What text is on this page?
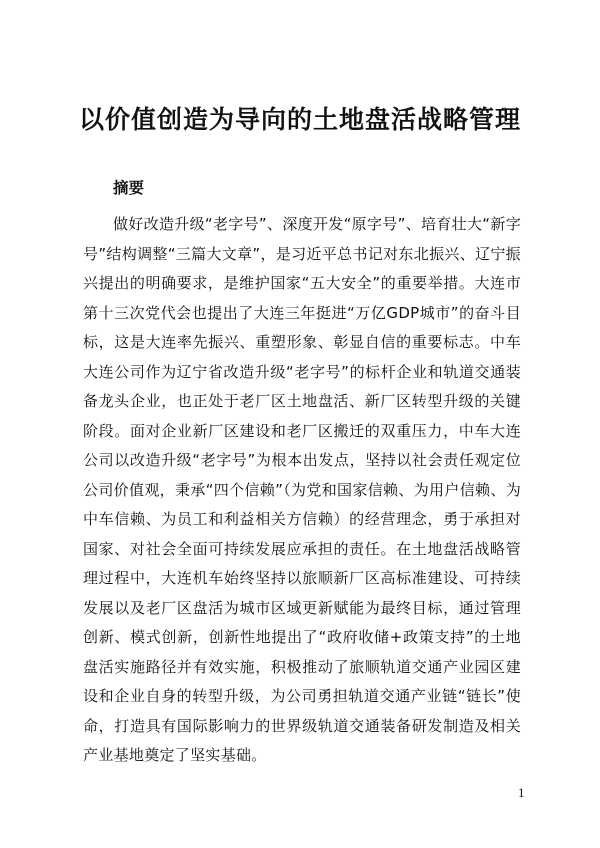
以价值创造为导向的土地盘活战略管理
摘要

做好改造升级“老字号”、深度开发“原字号”、培育壮大“新字号”结构调整“三篇大文章”，是习近平总书记对东北振兴、辽宁振兴提出的明确要求，是维护国家“五大安全”的重要举措。大连市第十三次党代会也提出了大连三年挺进“万亿GDP城市”的奋斗目标，这是大连率先振兴、重塑形象、彰显自信的重要标志。中车大连公司作为辽宁省改造升级“老字号”的标杆企业和轨道交通装备龙头企业，也正处于老厂区土地盘活、新厂区转型升级的关键阶段。面对企业新厂区建设和老厂区搬迁的双重压力，中车大连公司以改造升级“老字号”为根本出发点，坚持以社会责任观定位公司价值观，秉承“四个信赖”（为党和国家信赖、为用户信赖、为中车信赖、为员工和利益相关方信赖）的经营理念，勇于承担对国家、对社会全面可持续发展应承担的责任。在土地盘活战略管理过程中，大连机车始终坚持以旅顺新厂区高标准建设、可持续发展以及老厂区盘活为城市区域更新赋能为最终目标，通过管理创新、模式创新，创新性地提出了“政府收储+政策支持”的土地盘活实施路径并有效实施，积极推动了旅顺轨道交通产业园区建设和企业自身的转型升级，为公司勇担轨道交通产业链“链长”使命，打造具有国际影响力的世界级轨道交通装备研发制造及相关产业基地奠定了坚实基础。

1
